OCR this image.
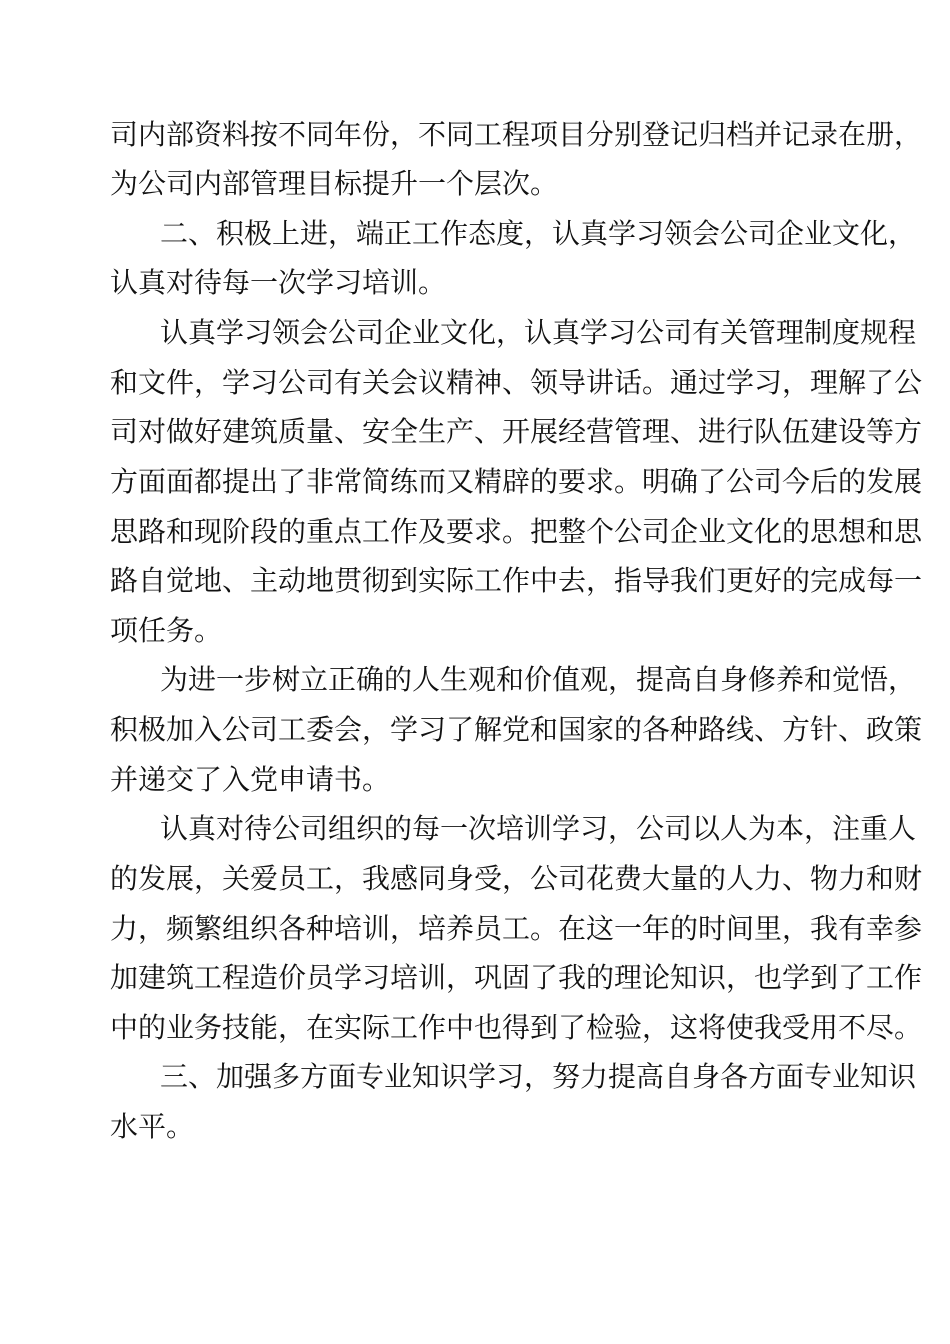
司内部资料按不同年份，不同工程项目分别登记归档并记录在册，

为公司内部管理目标提升一个层次。

二、积极上进，端正工作态度，认真学习领会公司企业文化，

认真对待每一次学习培训。

认真学习领会公司企业文化，认真学习公司有关管理制度规程

和文件，学习公司有关会议精神、领导讲话。通过学习，理解了公

司对做好建筑质量、安全生产、开展经营管理、进行队伍建设等方

方面面都提出了非常简练而又精辟的要求。明确了公司今后的发展

思路和现阶段的重点工作及要求。把整个公司企业文化的思想和思

路自觉地、主动地贯彻到实际工作中去，指导我们更好的完成每一

项任务。

为进一步树立正确的人生观和价值观，提高自身修养和觉悟，

积极加入公司工委会，学习了解党和国家的各种路线、方针、政策

并递交了入党申请书。

认真对待公司组织的每一次培训学习，公司以人为本，注重人

的发展，关爱员工，我感同身受，公司花费大量的人力、物力和财

力，频繁组织各种培训，培养员工。在这一年的时间里，我有幸参

加建筑工程造价员学习培训，巩固了我的理论知识，也学到了工作

中的业务技能，在实际工作中也得到了检验，这将使我受用不尽。

三、加强多方面专业知识学习，努力提高自身各方面专业知识

水平。
